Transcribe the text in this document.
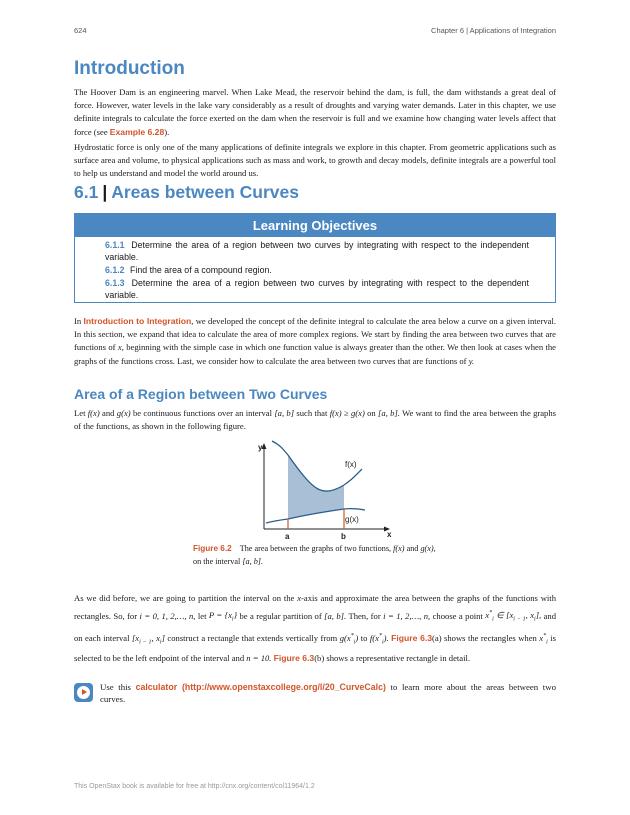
624	Chapter 6 | Applications of Integration
Introduction
The Hoover Dam is an engineering marvel. When Lake Mead, the reservoir behind the dam, is full, the dam withstands a great deal of force. However, water levels in the lake vary considerably as a result of droughts and varying water demands. Later in this chapter, we use definite integrals to calculate the force exerted on the dam when the reservoir is full and we examine how changing water levels affect that force (see Example 6.28).
Hydrostatic force is only one of the many applications of definite integrals we explore in this chapter. From geometric applications such as surface area and volume, to physical applications such as mass and work, to growth and decay models, definite integrals are a powerful tool to help us understand and model the world around us.
6.1 | Areas between Curves
Learning Objectives
6.1.1 Determine the area of a region between two curves by integrating with respect to the independent variable.
6.1.2 Find the area of a compound region.
6.1.3 Determine the area of a region between two curves by integrating with respect to the dependent variable.
In Introduction to Integration, we developed the concept of the definite integral to calculate the area below a curve on a given interval. In this section, we expand that idea to calculate the area of more complex regions. We start by finding the area between two curves that are functions of x, beginning with the simple case in which one function value is always greater than the other. We then look at cases when the graphs of the functions cross. Last, we consider how to calculate the area between two curves that are functions of y.
Area of a Region between Two Curves
Let f(x) and g(x) be continuous functions over an interval [a, b] such that f(x) ≥ g(x) on [a, b]. We want to find the area between the graphs of the functions, as shown in the following figure.
y
x
f(x)
g(x)
a	b
Figure 6.2 The area between the graphs of two functions, f(x) and g(x), on the interval [a, b].
As we did before, we are going to partition the interval on the x-axis and approximate the area between the graphs of the functions with rectangles. So, for i = 0, 1, 2,…, n, let $P = \{x_i\}$ be a regular partition of [a, b]. Then, for i = 1, 2,…, n, choose a point $x^*_i$ ∈ [$x_{i - 1}$, $x_i$], and on each interval [$x_{i - 1}$, $x_i$] construct a rectangle that extends vertically from $g(x^*_i)$ to $f(x^*_i)$. Figure 6.3(a) shows the rectangles when $x^*_i$ is selected to be the left endpoint of the interval and n = 10. Figure 6.3(b) shows a representative rectangle in detail.
Use this calculator (http://www.openstaxcollege.org/l/20_CurveCalc) to learn more about the areas between two curves.
This OpenStax book is available for free at http://cnx.org/content/col11964/1.2
